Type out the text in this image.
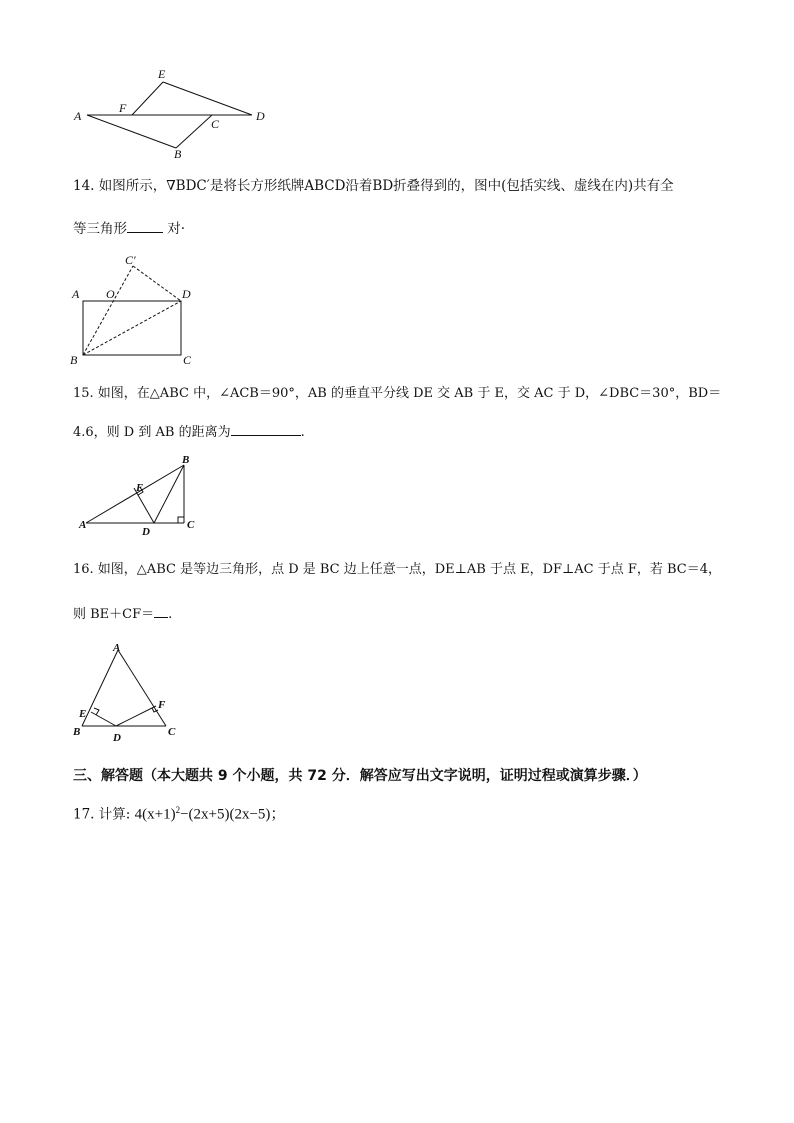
E
A
F
C
D
B
14. 如图所示，∇BDC′是将长方形纸牌ABCD沿着BD折叠得到的，图中(包括实线、虚线在内)共有全
等三角形	对·
C′
A O	D
B	C
15. 如图，在△ABC 中，∠ACB＝90°，AB 的垂直平分线 DE 交 AB 于 E，交 AC 于 D，∠DBC＝30°，BD＝
4.6，则 D 到 AB 的距离为	.
B
E
A
D
C
16. 如图，△ABC 是等边三角形，点 D 是 BC 边上任意一点，DE⊥AB 于点 E，DF⊥AC 于点 F，若 BC＝4，
则 BE＋CF＝ .
A
F
E
B	D	C
三、解答题（本大题共 9 个小题，共 72 分．解答应写出文字说明，证明过程或演算步骤．）
17. 计算: $4(x+1)^2-(2x+5)(2x-5)$；
